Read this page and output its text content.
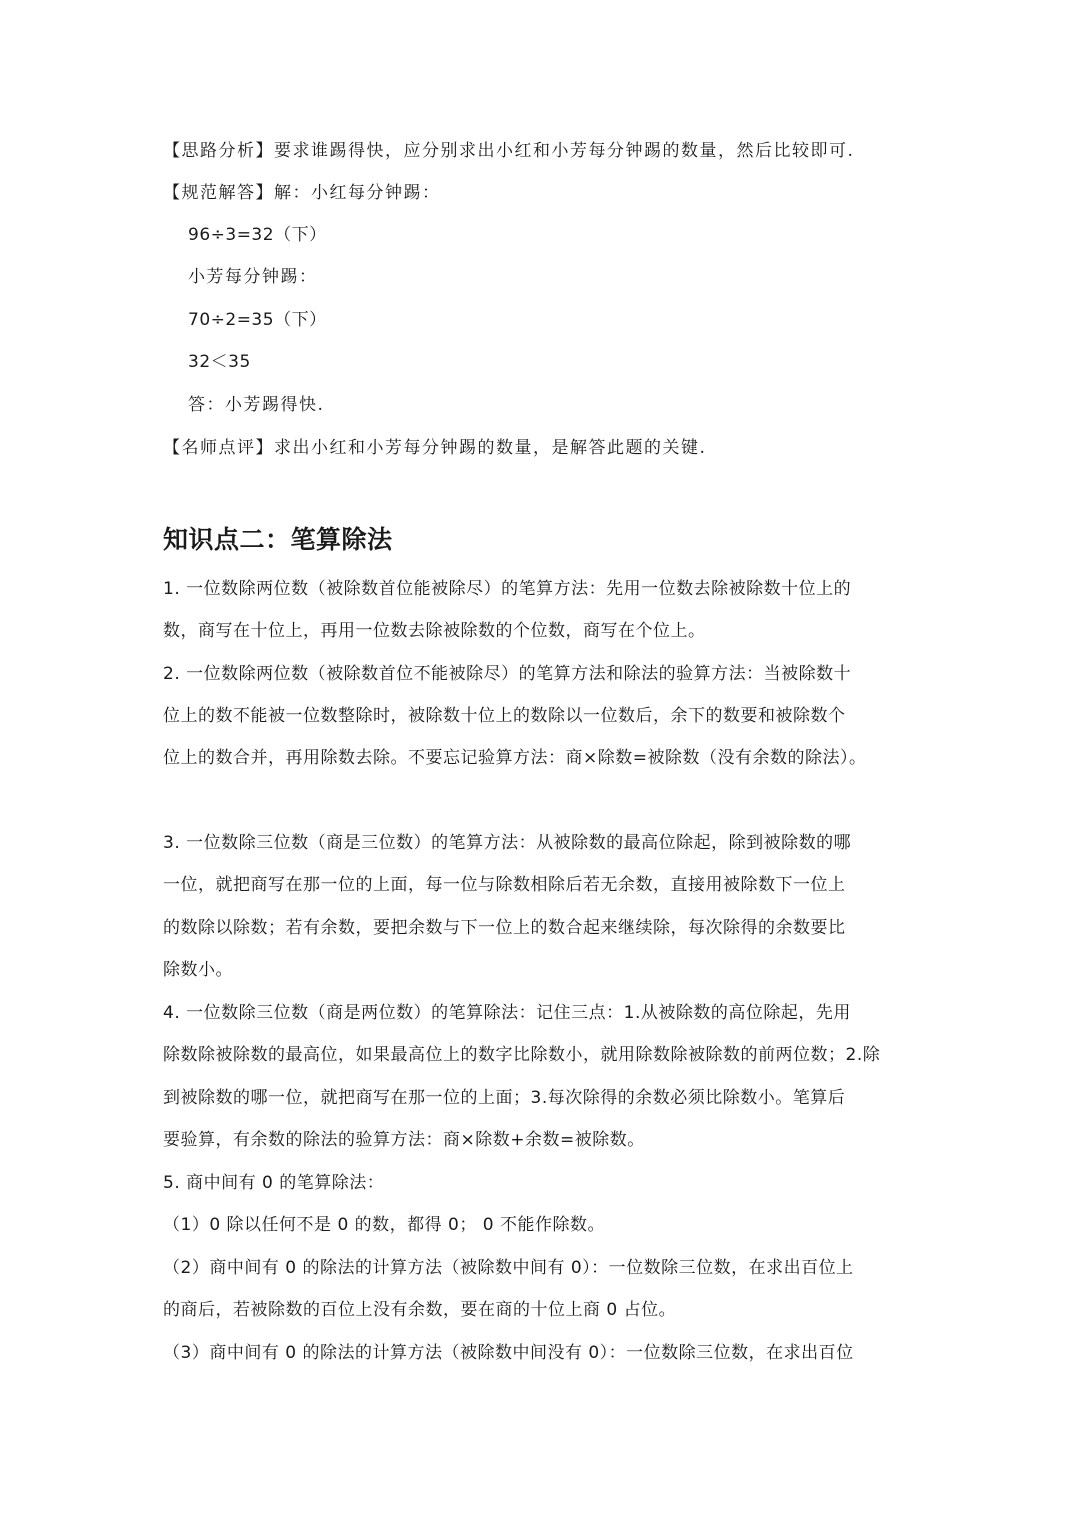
【思路分析】要求谁踢得快，应分别求出小红和小芳每分钟踢的数量，然后比较即可.
【规范解答】解：小红每分钟踢：
96÷3=32（下）
小芳每分钟踢：
70÷2=35（下）
32＜35
答：小芳踢得快.
【名师点评】求出小红和小芳每分钟踢的数量，是解答此题的关键.
知识点二：笔算除法
1. 一位数除两位数（被除数首位能被除尽）的笔算方法：先用一位数去除被除数十位上的
数，商写在十位上，再用一位数去除被除数的个位数，商写在个位上。
2. 一位数除两位数（被除数首位不能被除尽）的笔算方法和除法的验算方法：当被除数十
位上的数不能被一位数整除时，被除数十位上的数除以一位数后，余下的数要和被除数个
位上的数合并，再用除数去除。不要忘记验算方法：商×除数=被除数（没有余数的除法）。
3. 一位数除三位数（商是三位数）的笔算方法：从被除数的最高位除起，除到被除数的哪
一位，就把商写在那一位的上面，每一位与除数相除后若无余数，直接用被除数下一位上
的数除以除数；若有余数，要把余数与下一位上的数合起来继续除，每次除得的余数要比
除数小。
4. 一位数除三位数（商是两位数）的笔算除法：记住三点：1.从被除数的高位除起，先用
除数除被除数的最高位，如果最高位上的数字比除数小，就用除数除被除数的前两位数；2.除
到被除数的哪一位，就把商写在那一位的上面；3.每次除得的余数必须比除数小。笔算后
要验算，有余数的除法的验算方法：商×除数+余数=被除数。
5. 商中间有 0 的笔算除法：
（1）0 除以任何不是 0 的数，都得 0； 0 不能作除数。
（2）商中间有 0 的除法的计算方法（被除数中间有 0）：一位数除三位数，在求出百位上
的商后，若被除数的百位上没有余数，要在商的十位上商 0 占位。
（3）商中间有 0 的除法的计算方法（被除数中间没有 0）：一位数除三位数，在求出百位
